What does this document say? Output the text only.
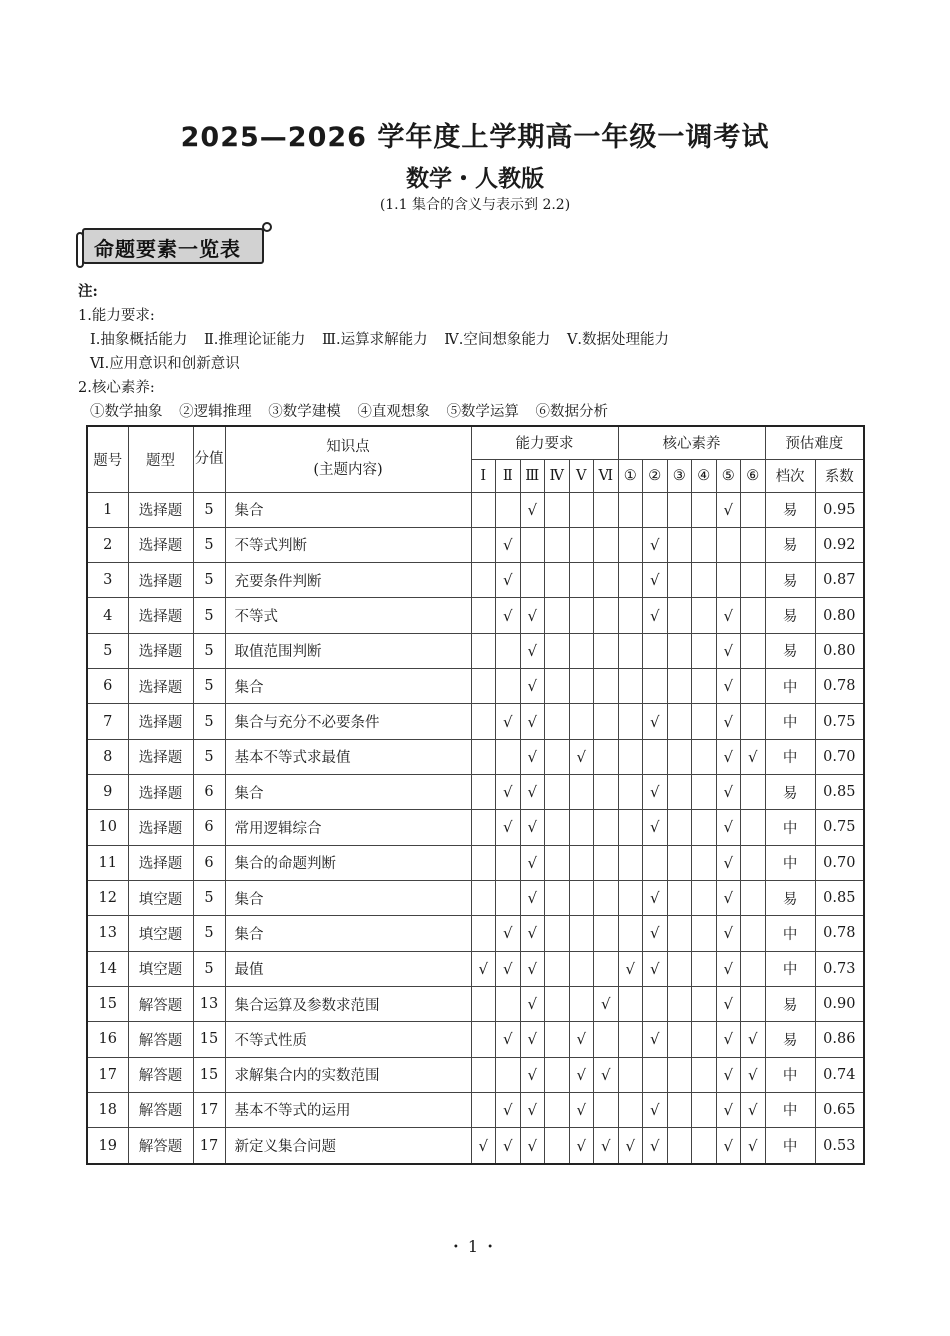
2025—2026 学年度上学期高一年级一调考试
数学・人教版
(1.1 集合的含义与表示到 2.2)
命题要素一览表
注:
1.能力要求:
Ⅰ.抽象概括能力 Ⅱ.推理论证能力 Ⅲ.运算求解能力 Ⅳ.空间想象能力 Ⅴ.数据处理能力
Ⅵ.应用意识和创新意识
2.核心素养:
①数学抽象 ②逻辑推理 ③数学建模 ④直观想象 ⑤数学运算 ⑥数据分析
题号	题型	分值	知识点
(主题内容)	能力要求						核心素养						预估难度	
				Ⅰ	Ⅱ	Ⅲ	Ⅳ	Ⅴ	Ⅵ	①	②	③	④	⑤	⑥	档次	系数
1	选择题	5	集合			√								√		易	0.95
2	选择题	5	不等式判断		√						√					易	0.92
3	选择题	5	充要条件判断		√						√					易	0.87
4	选择题	5	不等式		√	√					√			√		易	0.80
5	选择题	5	取值范围判断			√								√		易	0.80
6	选择题	5	集合			√								√		中	0.78
7	选择题	5	集合与充分不必要条件		√	√					√			√		中	0.75
8	选择题	5	基本不等式求最值			√		√						√	√	中	0.70
9	选择题	6	集合		√	√					√			√		易	0.85
10	选择题	6	常用逻辑综合		√	√					√			√		中	0.75
11	选择题	6	集合的命题判断			√								√		中	0.70
12	填空题	5	集合			√					√			√		易	0.85
13	填空题	5	集合		√	√					√			√		中	0.78
14	填空题	5	最值	√	√	√				√	√			√		中	0.73
15	解答题	13	集合运算及参数求范围			√			√					√		易	0.90
16	解答题	15	不等式性质		√	√		√			√			√	√	易	0.86
17	解答题	15	求解集合内的实数范围			√		√	√					√	√	中	0.74
18	解答题	17	基本不等式的运用		√	√		√			√			√	√	中	0.65
19	解答题	17	新定义集合问题	√	√	√		√	√	√	√			√	√	中	0.53
・1・
